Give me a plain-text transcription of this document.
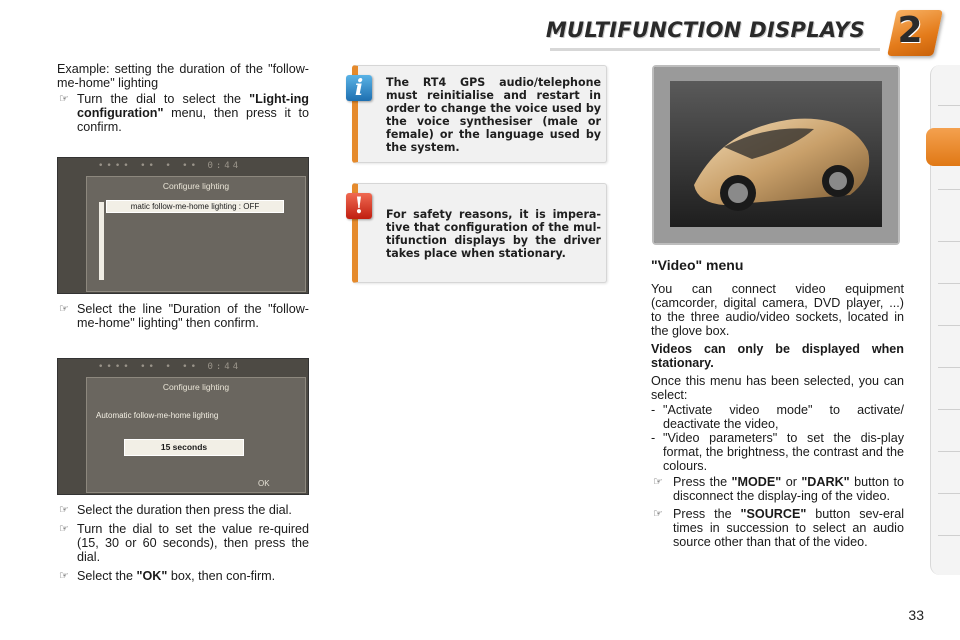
MULTIFUNCTION DISPLAYS 2
Example: setting the duration of the "follow-me-home" lighting
☞ Turn the dial to select the "Light-ing configuration" menu, then press it to confirm.
•••• •• • •• 0:44
Configure lighting
matic follow-me-home lighting : OFF
☞ Select the line "Duration of the "follow-me-home" lighting" then confirm.
•••• •• • •• 0:44
Configure lighting
Automatic follow-me-home lighting
15 seconds
OK
☞ Select the duration then press the dial.
☞ Turn the dial to set the value re-quired (15, 30 or 60 seconds), then press the dial.
☞ Select the "OK" box, then con-firm.
The RT4 GPS audio/telephone must reinitialise and restart in order to change the voice used by the voice synthesiser (male or female) or the language used by the system.
i
For safety reasons, it is impera-tive that configuration of the mul-tifunction displays by the driver takes place when stationary.
!
"Video" menu
You can connect video equipment (camcorder, digital camera, DVD player, ...) to the three audio/video sockets, located in the glove box.
Videos can only be displayed when stationary.
Once this menu has been selected, you can select:
- "Activate video mode" to activate/ deactivate the video,
- "Video parameters" to set the dis-play format, the brightness, the contrast and the colours.
☞ Press the "MODE" or "DARK" button to disconnect the display-ing of the video.
☞ Press the "SOURCE" button sev-eral times in succession to select an audio source other than that of the video.
33
